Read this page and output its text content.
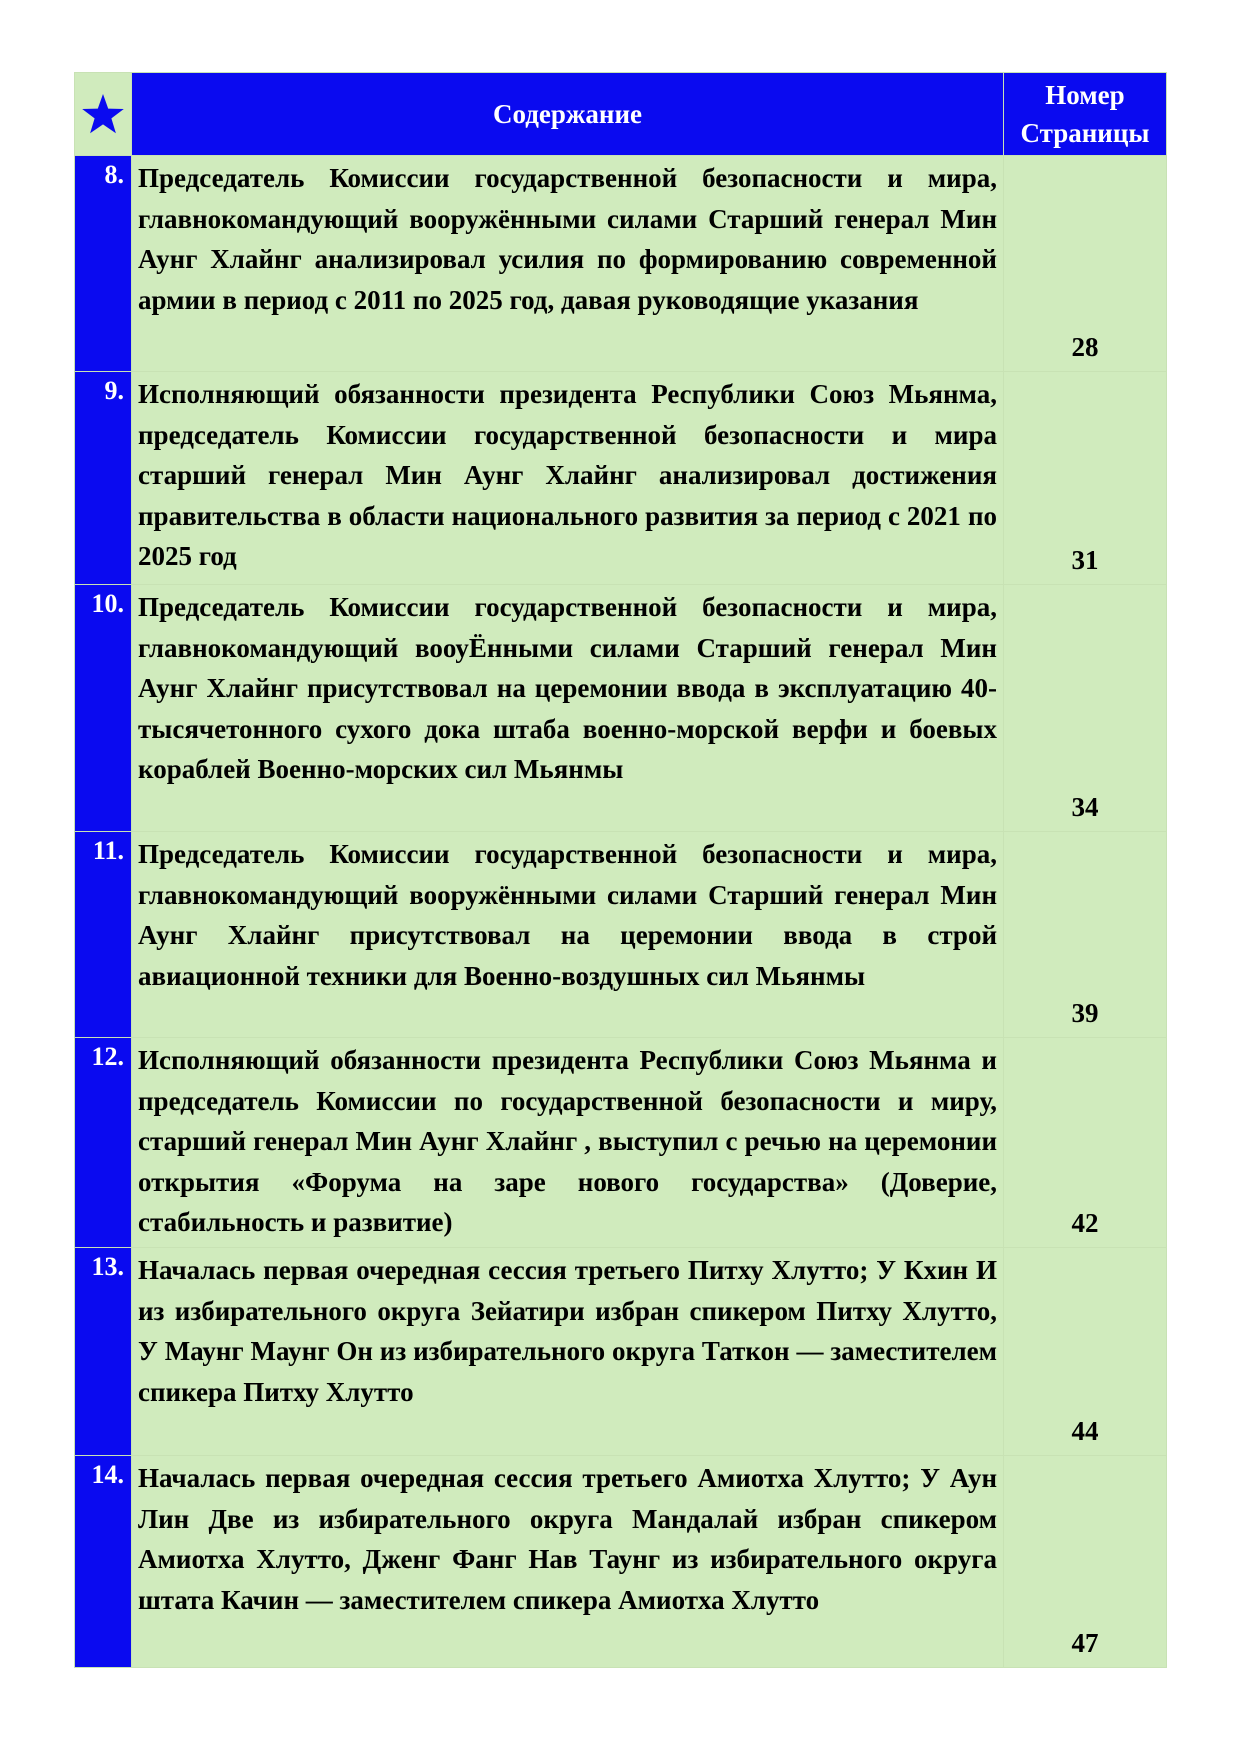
	Содержание	Номер
Страницы

8.	Председатель Комиссии государственной безопасности и мира, главнокомандующий вооружёнными силами Старший генерал Мин Аунг Хлайнг анализировал усилия по формированию современной армии в период с 2011 по 2025 год, давая руководящие указания	28
9.	Исполняющий обязанности президента Республики Союз Мьянма, председатель Комиссии государственной безопасности и мира старший генерал Мин Аунг Хлайнг анализировал достижения правительства в области национального развития за период с 2021 по 2025 год	31
10.	Председатель Комиссии государственной безопасности и мира, главнокомандующий вооуЁнными силами Старший генерал Мин Аунг Хлайнг присутствовал на церемонии ввода в эксплуатацию 40-тысячетонного сухого дока штаба военно-морской верфи и боевых кораблей Военно-морских сил Мьянмы	34
11.	Председатель Комиссии государственной безопасности и мира, главнокомандующий вооружёнными силами Старший генерал Мин Аунг Хлайнг присутствовал на церемонии ввода в строй авиационной техники для Военно-воздушных сил Мьянмы	39
12.	Исполняющий обязанности президента Республики Союз Мьянма и председатель Комиссии по государственной безопасности и миру, старший генерал Мин Аунг Хлайнг , выступил с речью на церемонии открытия «Форума на заре нового государства» (Доверие, стабильность и развитие)	42
13.	Началась первая очередная сессия третьего Питху Хлутто; У Кхин И из избирательного округа Зейатири избран спикером Питху Хлутто, У Маунг Маунг Он из избирательного округа Таткон — заместителем спикера Питху Хлутто	44
14.	Началась первая очередная сессия третьего Амиотха Хлутто; У Аун Лин Две из избирательного округа Мандалай избран спикером Амиотха Хлутто, Дженг Фанг Нав Таунг из избирательного округа штата Качин — заместителем спикера Амиотха Хлутто	47
